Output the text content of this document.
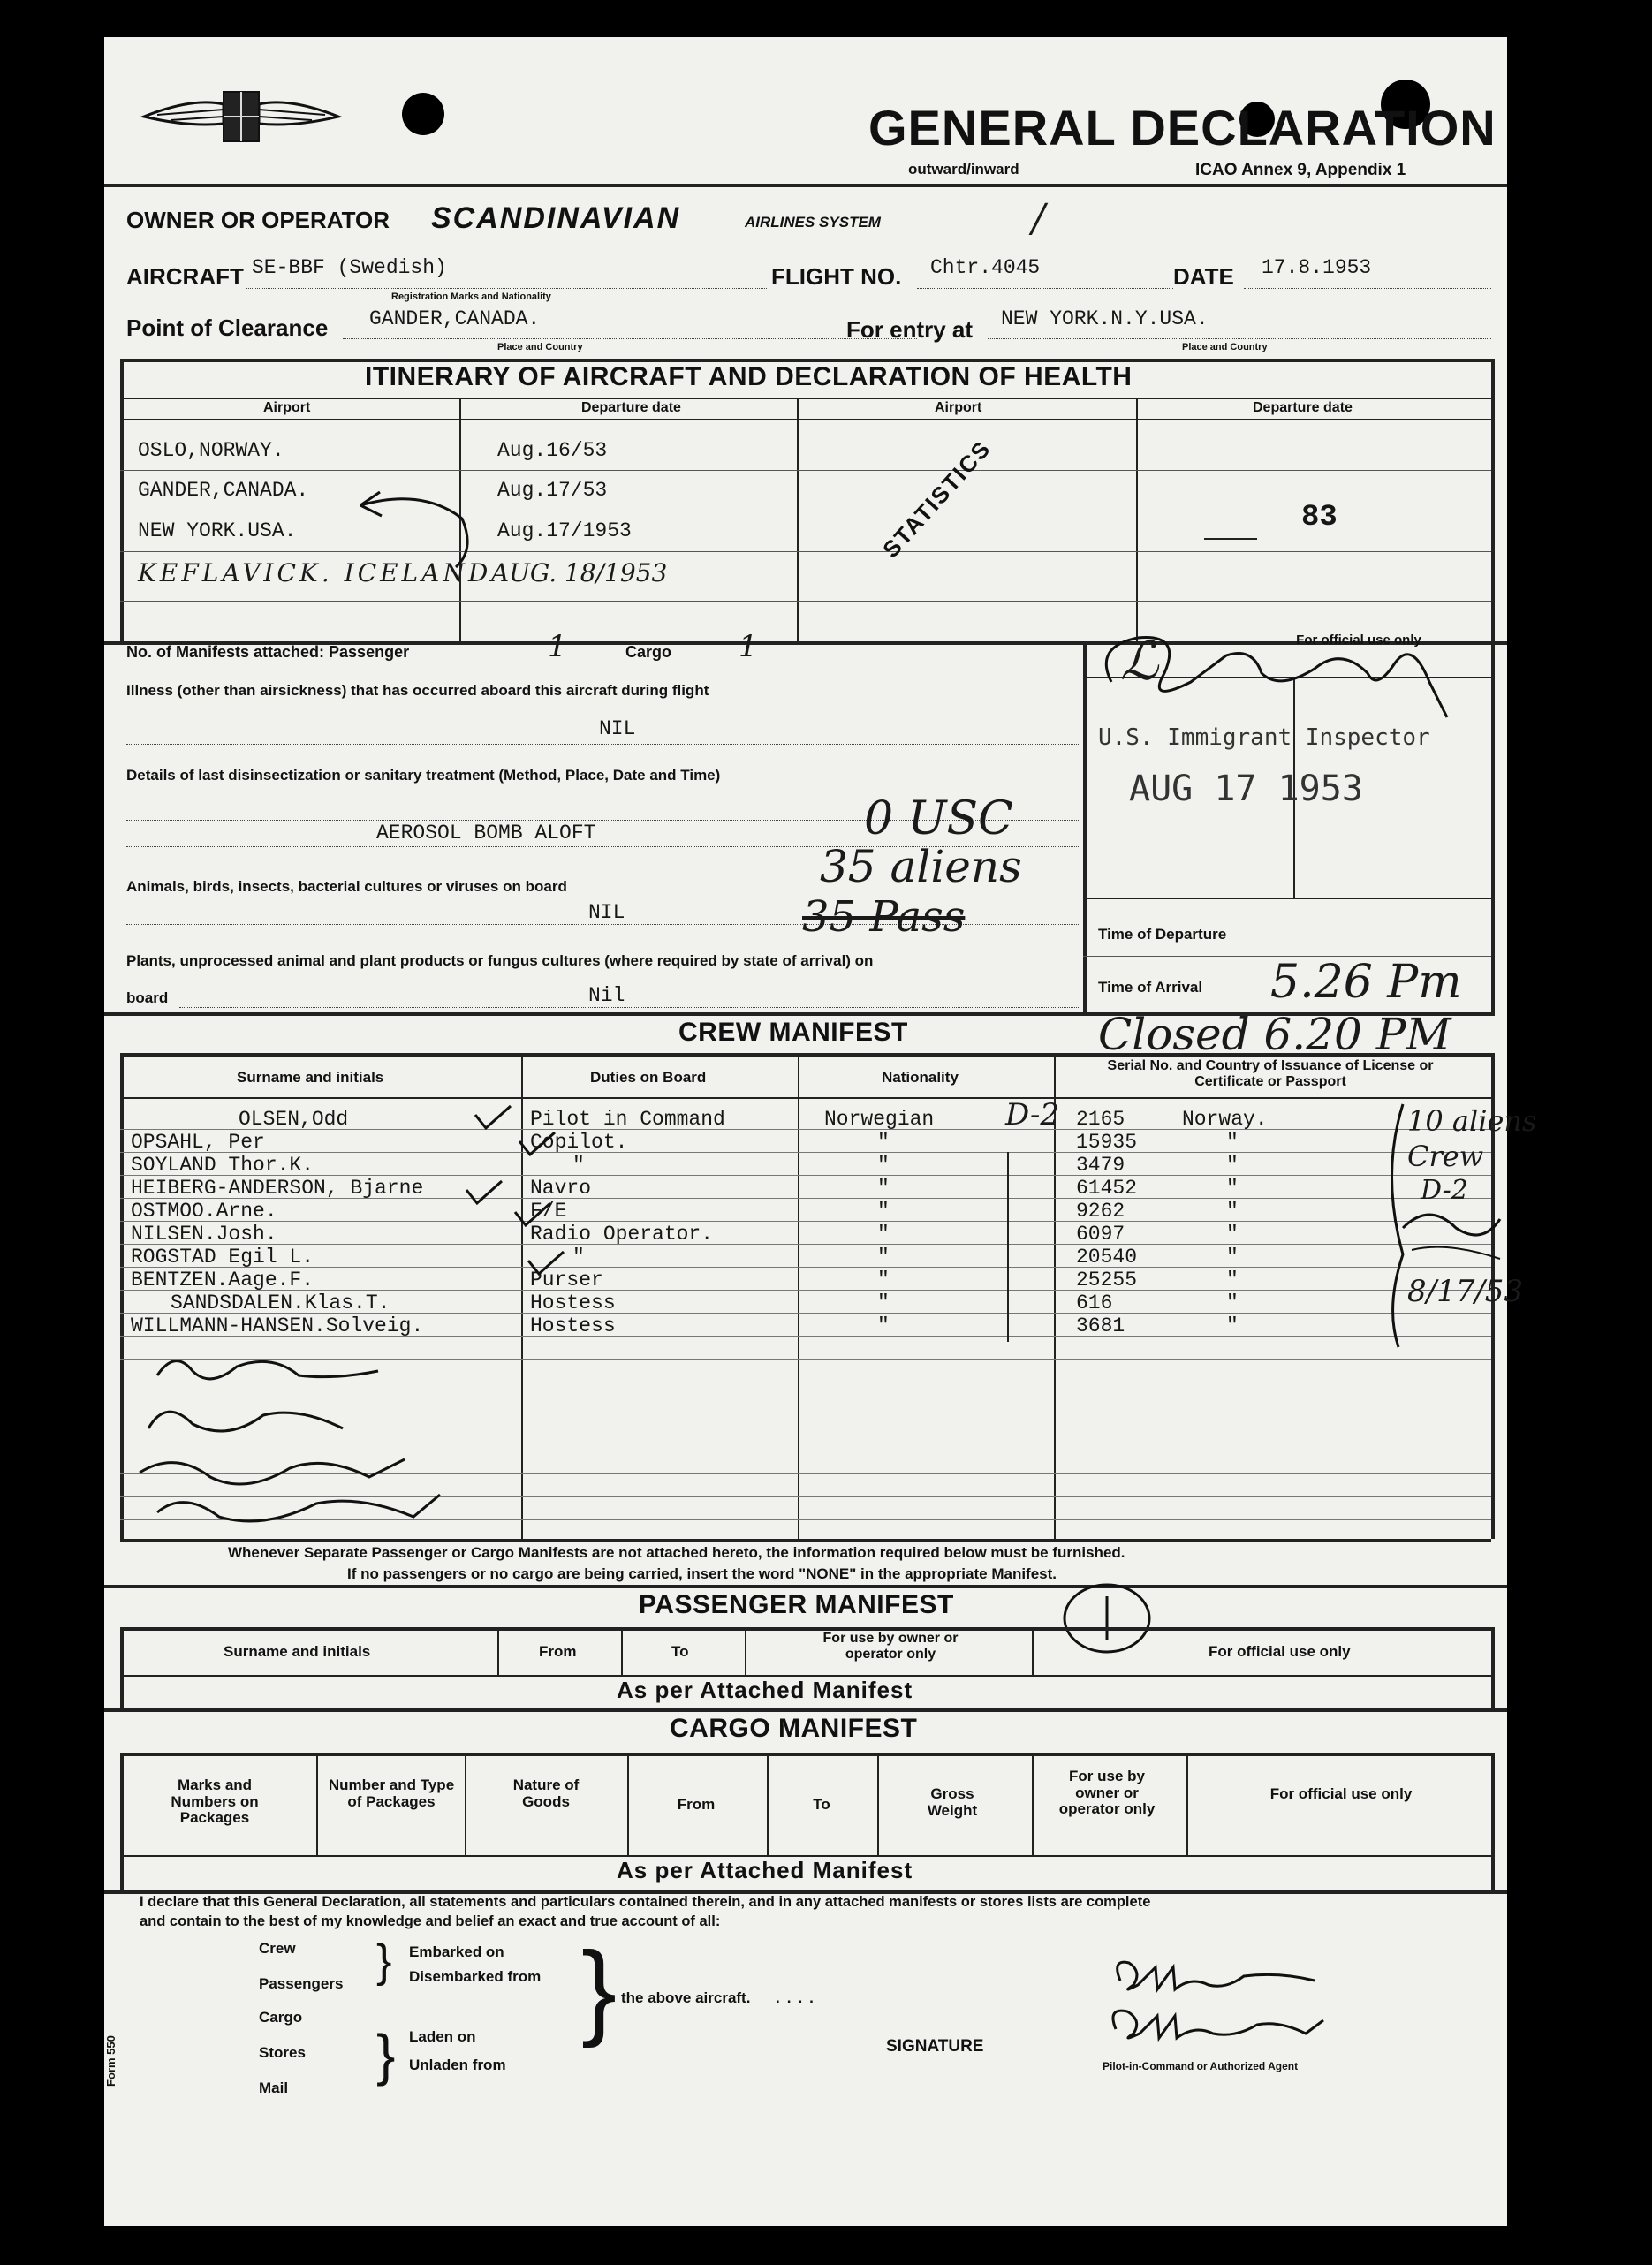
GENERAL DECLARATION
outward/inward	ICAO Annex 9, Appendix 1
OWNER OR OPERATOR SCANDINAVIAN	AIRLINES SYSTEM	/
AIRCRAFT SE-BBF (Swedish)
Registration Marks and Nationality
FLIGHT NO. Chtr.4045	DATE 17.8.1953
Point of Clearance GANDER,CANADA.
Place and Country
For entry at NEW YORK.N.Y.USA.
Place and Country
ITINERARY OF AIRCRAFT AND DECLARATION OF HEALTH
Airport	Departure date	Airport	Departure date
OSLO,NORWAY.	Aug.16/53
GANDER,CANADA.	Aug.17/53
NEW YORK.USA.	Aug.17/1953
KEFLAVICK. ICELAND AUG. 18/1953
STATISTICS	83
No. of Manifests attached: Passenger	1	Cargo 1
Illness (other than airsickness) that has occurred aboard this aircraft during flight
NIL
Details of last disinsectization or sanitary treatment (Method, Place, Date and Time)
AEROSOL BOMB ALOFT
Animals, birds, insects, bacterial cultures or viruses on board
NIL
Plants, unprocessed animal and plant products or fungus cultures (where required by state of arrival) on
board	Nil
0 USC
35 aliens
35 Pass
For official use only
U.S. Immigrant Inspector
AUG 17 1953
ℒ
Time of Departure
Time of Arrival 5.26 Pm
Closed 6.20 PM
CREW MANIFEST
Surname and initials	Duties on Board	Nationality
Serial No. and Country of Issuance of License or Certificate or Passport
OLSEN,Odd	Pilot in Command	Norwegian	2165	Norway.
OPSAHL, Per	Copilot.	"	15935	"
SOYLAND Thor.K.	"	"	3479	"
HEIBERG-ANDERSON, Bjarne	Navro	"	61452	"
OSTMOO.Arne.	F/E	"	9262	"
NILSEN.Josh.	Radio Operator.	"	6097	"
ROGSTAD Egil L.	"	"	20540	"
BENTZEN.Aage.F.	Purser	"	25255	"
SANDSDALEN.Klas.T.	Hostess	"	616	"
WILLMANN-HANSEN.Solveig.	Hostess	"	3681	"
D-2	10 aliens
Crew
D-2
8/17/53
Whenever Separate Passenger or Cargo Manifests are not attached hereto, the information required below must be furnished.
If no passengers or no cargo are being carried, insert the word "NONE" in the appropriate Manifest.
PASSENGER MANIFEST
Surname and initials	From	To
For use by owner or operator only	For official use only
As per Attached Manifest
CARGO MANIFEST
Marks and Numbers on Packages
Number and Type of Packages
Nature of Goods	From	To
Gross Weight
For use by owner or operator only
For official use only
As per Attached Manifest
I declare that this General Declaration, all statements and particulars contained therein, and in any attached manifests or stores lists are complete
and contain to the best of my knowledge and belief an exact and true account of all:
Crew
Passengers
Cargo
Stores
Mail
}
}
Embarked on
Disembarked from
Laden on
Unladen from
} the above aircraft. ....
SIGNATURE
Pilot-in-Command or Authorized Agent
Form 550
